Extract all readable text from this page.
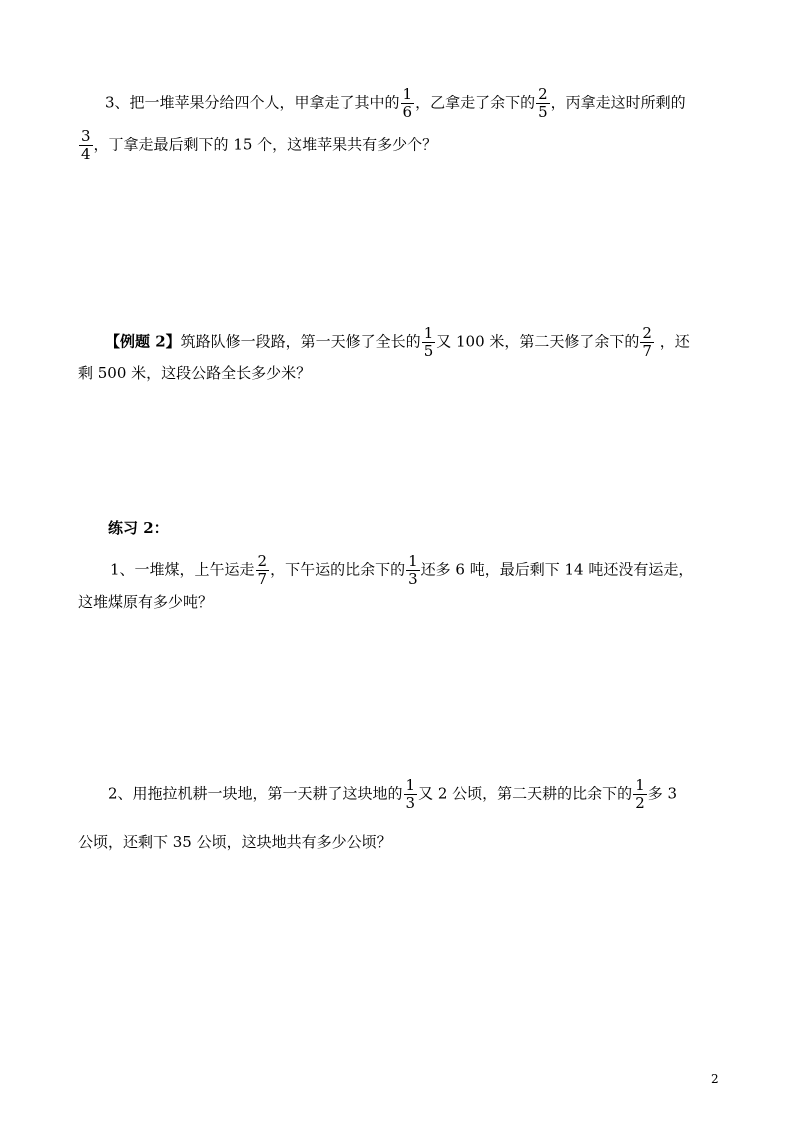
3、把一堆苹果分给四个人，甲拿走了其中的 $\frac{1}{6}$ ，乙拿走了余下的 $\frac{2}{5}$ ，丙拿走这时所剩的
$\frac{3}{4}$ ，丁拿走最后剩下的 15 个，这堆苹果共有多少个？
【例题 2】筑路队修一段路，第一天修了全长的 $\frac{1}{5}$ 又 100 米，第二天修了余下的 $\frac{2}{7}$ ，还
剩 500 米，这段公路全长多少米？
练习 2：
1、一堆煤，上午运走 $\frac{2}{7}$ ，下午运的比余下的 $\frac{1}{3}$ 还多 6 吨，最后剩下 14 吨还没有运走，
这堆煤原有多少吨？
2、用拖拉机耕一块地，第一天耕了这块地的 $\frac{1}{3}$ 又 2 公顷，第二天耕的比余下的 $\frac{1}{2}$ 多 3
公顷，还剩下 35 公顷，这块地共有多少公顷？
2
